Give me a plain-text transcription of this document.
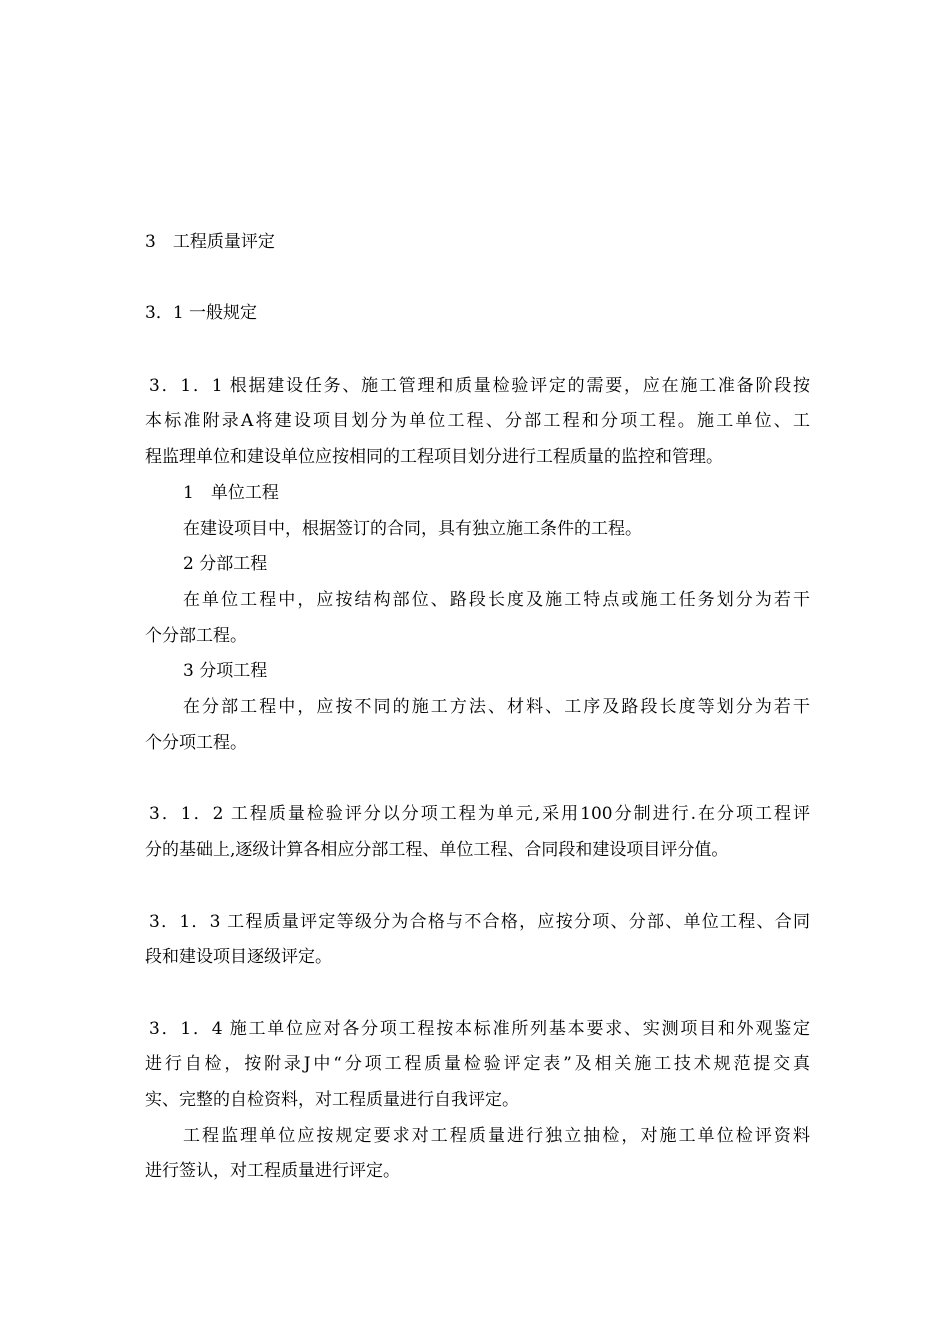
3　工程质量评定
3．1 一般规定
3．1．1 根据建设任务、施工管理和质量检验评定的需要，应在施工准备阶段按
本标准附录A将建设项目划分为单位工程、分部工程和分项工程。施工单位、工
程监理单位和建设单位应按相同的工程项目划分进行工程质量的监控和管理。
1　单位工程
在建设项目中，根据签订的合同，具有独立施工条件的工程。
2 分部工程
在单位工程中，应按结构部位、路段长度及施工特点或施工任务划分为若干
个分部工程。
3 分项工程
在分部工程中，应按不同的施工方法、材料、工序及路段长度等划分为若干
个分项工程。
3．1．2 工程质量检验评分以分项工程为单元,采用100分制进行.在分项工程评
分的基础上,逐级计算各相应分部工程、单位工程、合同段和建设项目评分值。
3．1．3 工程质量评定等级分为合格与不合格，应按分项、分部、单位工程、合同
段和建设项目逐级评定。
3．1．4 施工单位应对各分项工程按本标准所列基本要求、实测项目和外观鉴定
进行自检，按附录J中“分项工程质量检验评定表”及相关施工技术规范提交真
实、完整的自检资料，对工程质量进行自我评定。
工程监理单位应按规定要求对工程质量进行独立抽检，对施工单位检评资料
进行签认，对工程质量进行评定。
